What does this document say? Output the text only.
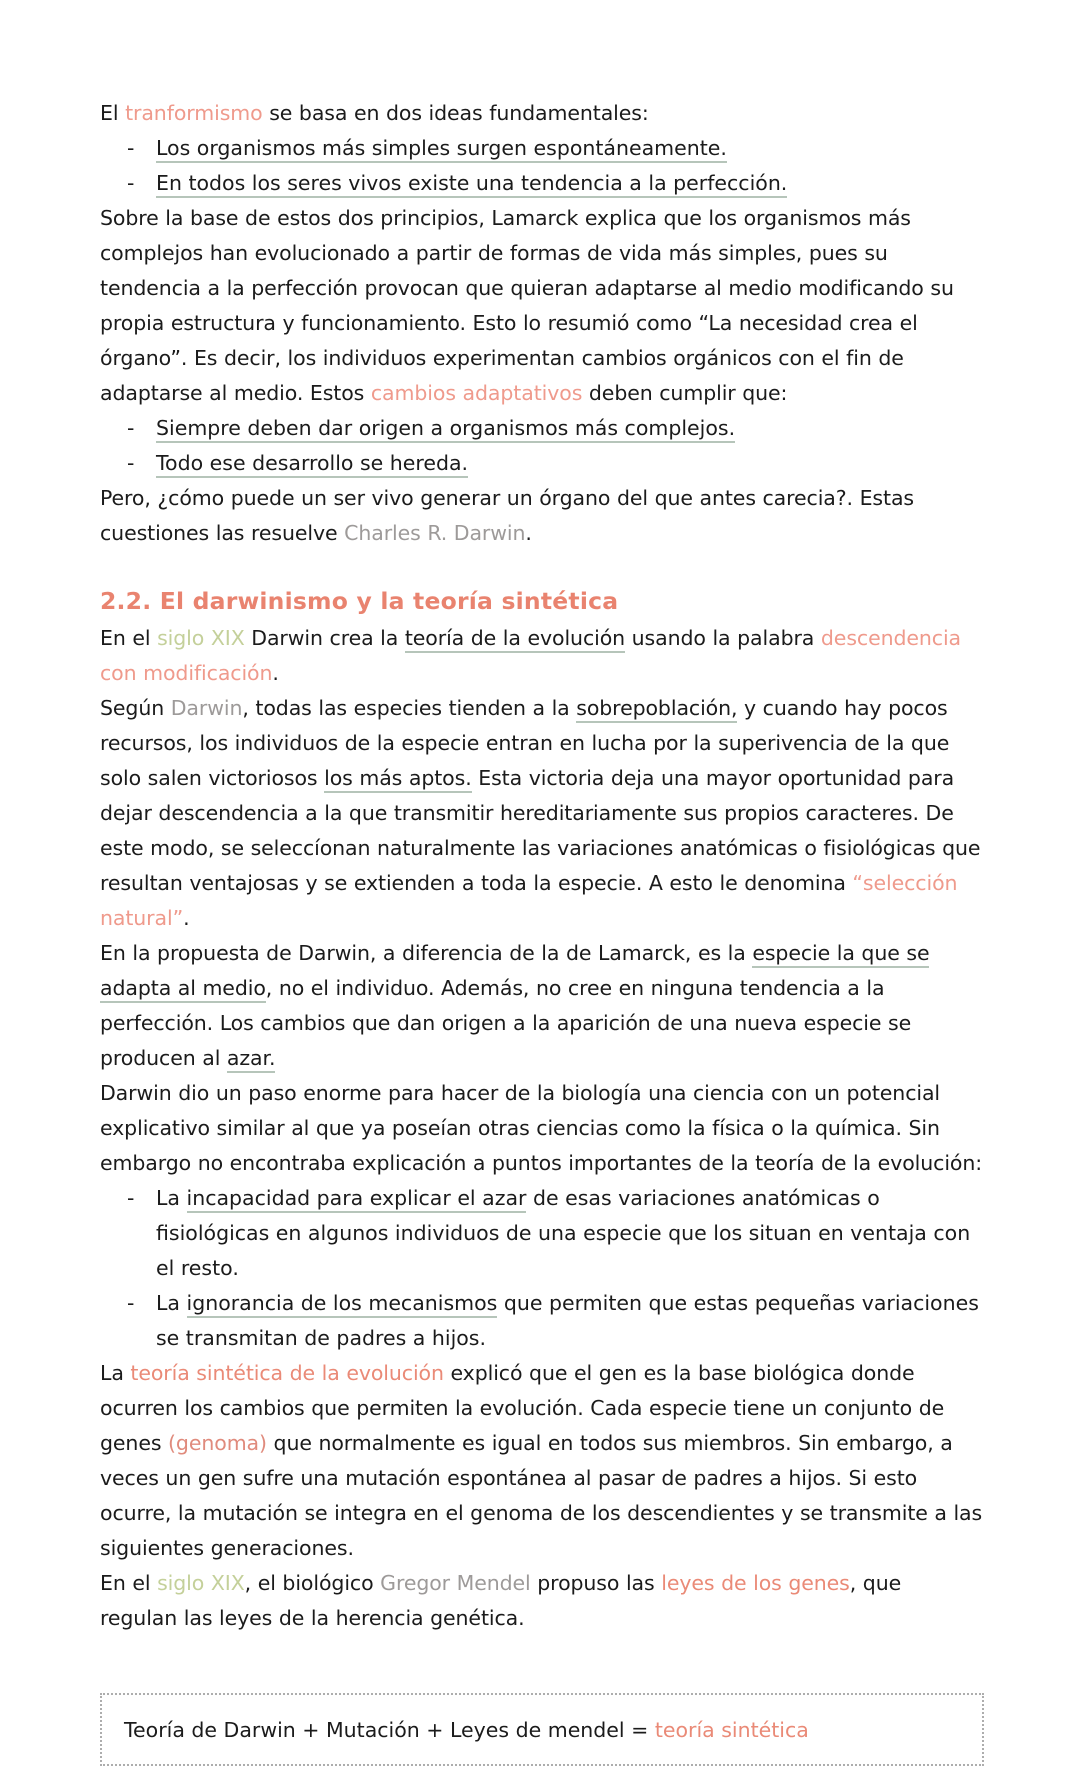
El tranformismo se basa en dos ideas fundamentales:

- Los organismos más simples surgen espontáneamente.
- En todos los seres vivos existe una tendencia a la perfección.

Sobre la base de estos dos principios, Lamarck explica que los organismos más complejos han evolucionado a partir de formas de vida más simples, pues su tendencia a la perfección provocan que quieran adaptarse al medio modificando su propia estructura y funcionamiento. Esto lo resumió como “La necesidad crea el órgano”. Es decir, los individuos experimentan cambios orgánicos con el fin de adaptarse al medio. Estos cambios adaptativos deben cumplir que:

- Siempre deben dar origen a organismos más complejos.
- Todo ese desarrollo se hereda.

Pero, ¿cómo puede un ser vivo generar un órgano del que antes carecia?. Estas cuestiones las resuelve Charles R. Darwin.

2.2. El darwinismo y la teoría sintética

En el siglo XIX Darwin crea la teoría de la evolución usando la palabra descendencia con modificación.

Según Darwin, todas las especies tienden a la sobrepoblación, y cuando hay pocos recursos, los individuos de la especie entran en lucha por la superivencia de la que solo salen victoriosos los más aptos. Esta victoria deja una mayor oportunidad para dejar descendencia a la que transmitir hereditariamente sus propios caracteres. De este modo, se seleccíonan naturalmente las variaciones anatómicas o fisiológicas que resultan ventajosas y se extienden a toda la especie. A esto le denomina “selección natural”.

En la propuesta de Darwin, a diferencia de la de Lamarck, es la especie la que se adapta al medio, no el individuo. Además, no cree en ninguna tendencia a la perfección. Los cambios que dan origen a la aparición de una nueva especie se producen al azar.

Darwin dio un paso enorme para hacer de la biología una ciencia con un potencial explicativo similar al que ya poseían otras ciencias como la física o la química. Sin embargo no encontraba explicación a puntos importantes de la teoría de la evolución:

- La incapacidad para explicar el azar de esas variaciones anatómicas o fisiológicas en algunos individuos de una especie que los situan en ventaja con el resto.
- La ignorancia de los mecanismos que permiten que estas pequeñas variaciones se transmitan de padres a hijos.

La teoría sintética de la evolución explicó que el gen es la base biológica donde ocurren los cambios que permiten la evolución. Cada especie tiene un conjunto de genes (genoma) que normalmente es igual en todos sus miembros. Sin embargo, a veces un gen sufre una mutación espontánea al pasar de padres a hijos. Si esto ocurre, la mutación se integra en el genoma de los descendientes y se transmite a las siguientes generaciones.

En el siglo XIX, el biológico Gregor Mendel propuso las leyes de los genes, que regulan las leyes de la herencia genética.

Teoría de Darwin + Mutación + Leyes de mendel = teoría sintética
